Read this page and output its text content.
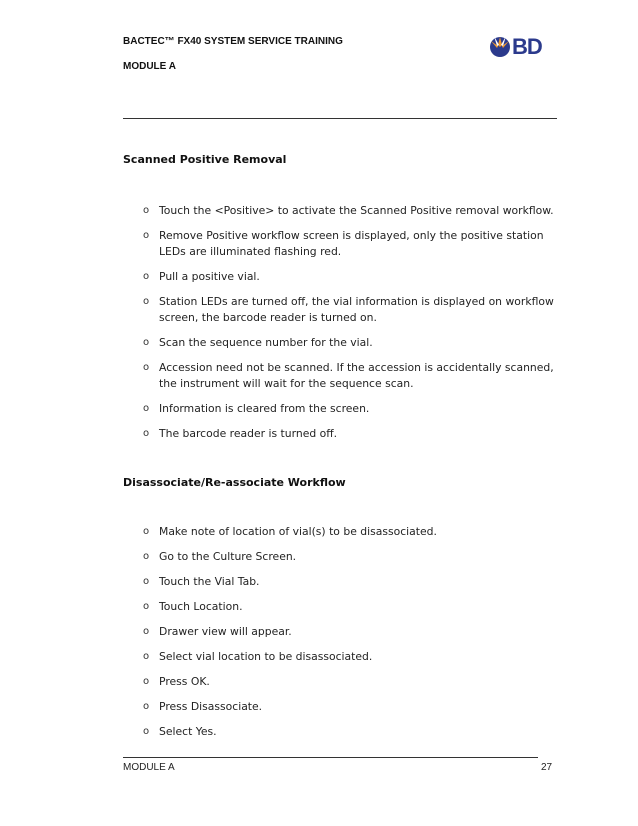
BACTEC™ FX40 SYSTEM SERVICE TRAINING
MODULE A
BD
Scanned Positive Removal
o Touch the <Positive> to activate the Scanned Positive removal workflow.
o Remove Positive workflow screen is displayed, only the positive station LEDs are illuminated flashing red.
o Pull a positive vial.
o Station LEDs are turned off, the vial information is displayed on workflow screen, the barcode reader is turned on.
o Scan the sequence number for the vial.
o Accession need not be scanned. If the accession is accidentally scanned, the instrument will wait for the sequence scan.
o Information is cleared from the screen.
o The barcode reader is turned off.
Disassociate/Re-associate Workflow
o Make note of location of vial(s) to be disassociated.
o Go to the Culture Screen.
o Touch the Vial Tab.
o Touch Location.
o Drawer view will appear.
o Select vial location to be disassociated.
o Press OK.
o Press Disassociate.
o Select Yes.
MODULE A	27
